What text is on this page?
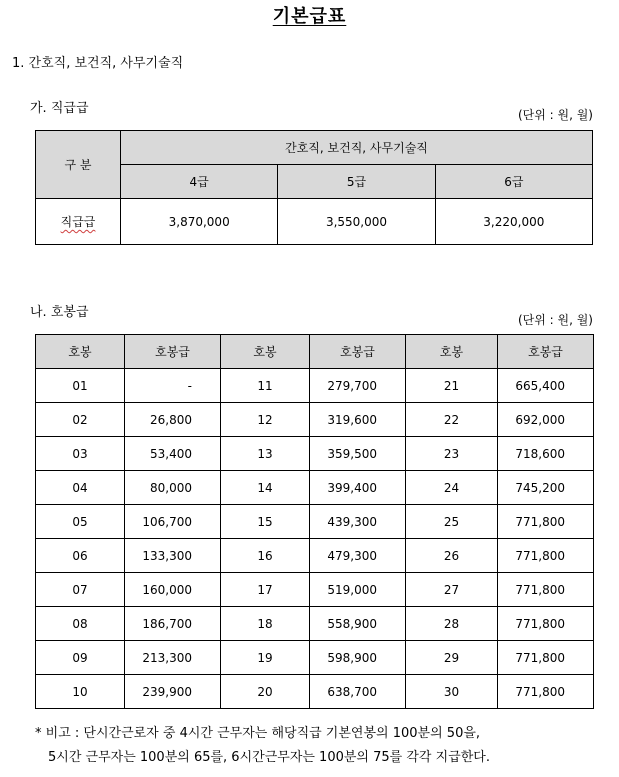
기본급표
1. 간호직, 보건직, 사무기술직
가. 직급급	(단위 : 원, 월)
구 분	간호직, 보건직, 사무기술직		
	4급	5급	6급
직급급	3,870,000	3,550,000	3,220,000
나. 호봉급	(단위 : 원, 월)
호봉	호봉급	호봉	호봉급	호봉	호봉급
01	-	11	279,700	21	665,400
02	26,800	12	319,600	22	692,000
03	53,400	13	359,500	23	718,600
04	80,000	14	399,400	24	745,200
05	106,700	15	439,300	25	771,800
06	133,300	16	479,300	26	771,800
07	160,000	17	519,000	27	771,800
08	186,700	18	558,900	28	771,800
09	213,300	19	598,900	29	771,800
10	239,900	20	638,700	30	771,800
* 비고 : 단시간근로자 중 4시간 근무자는 해당직급 기본연봉의 100분의 50을,
5시간 근무자는 100분의 65를, 6시간근무자는 100분의 75를 각각 지급한다.
